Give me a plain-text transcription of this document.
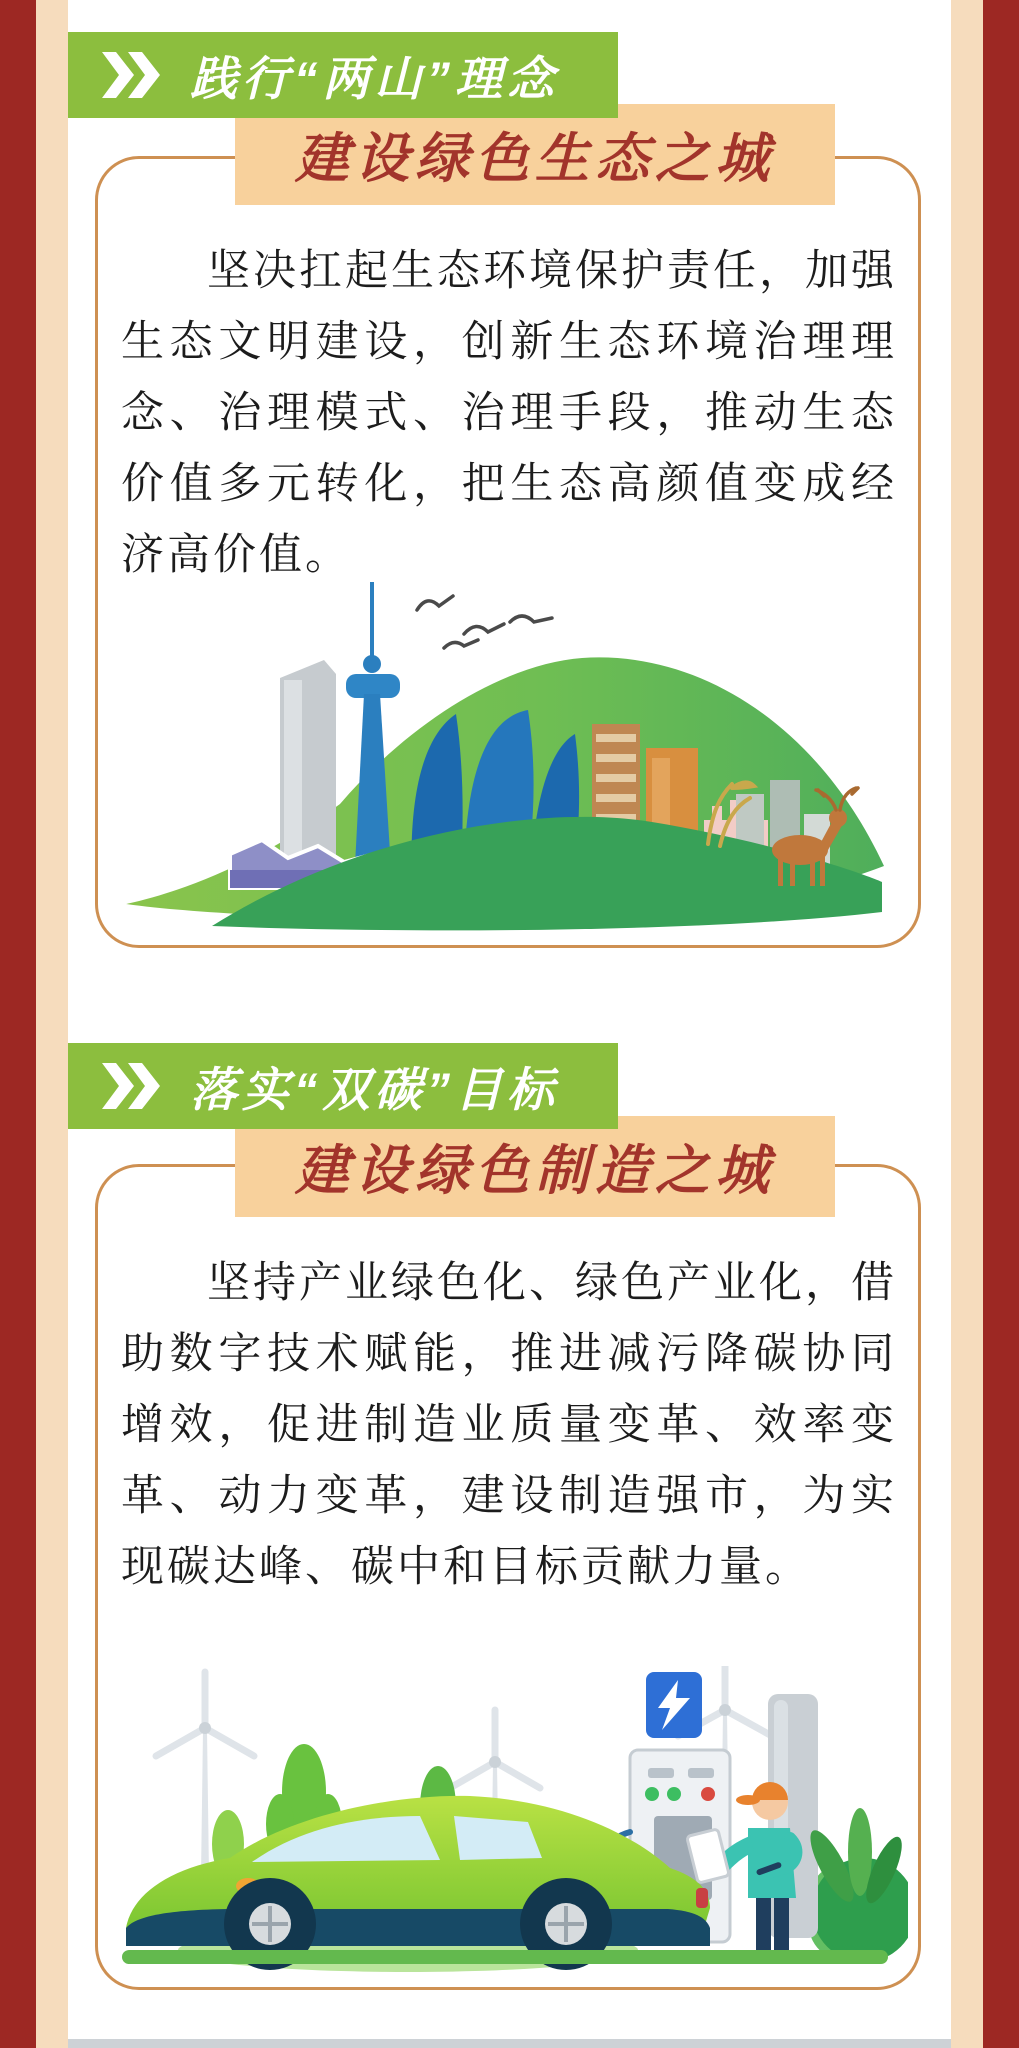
践行“两山”理念
建设绿色生态之城
坚决扛起生态环境保护责任，加强生态文明建设，创新生态环境治理理念、治理模式、治理手段，推动生态价值多元转化，把生态高颜值变成经济高价值。
落实“双碳”目标
建设绿色制造之城
坚持产业绿色化、绿色产业化，借助数字技术赋能，推进减污降碳协同增效，促进制造业质量变革、效率变革、动力变革，建设制造强市，为实现碳达峰、碳中和目标贡献力量。
